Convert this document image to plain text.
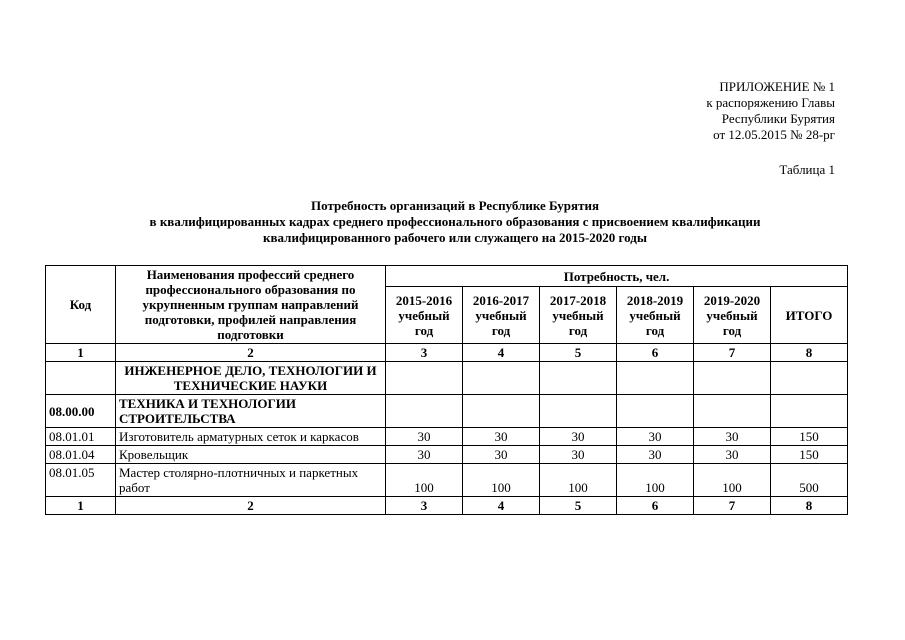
ПРИЛОЖЕНИЕ № 1
к распоряжению Главы
Республики Бурятия
от 12.05.2015 № 28-рг
Таблица 1
Потребность организаций в Республике Бурятия
в квалифицированных кадрах среднего профессионального образования с присвоением квалификации
квалифицированного рабочего или служащего на 2015-2020 годы
Код	Наименования профессий среднего профессионального образования по укрупненным группам направлений подготовки, профилей направления подготовки	Потребность, чел.					
		2015-2016 учебный год	2016-2017 учебный год	2017-2018 учебный год	2018-2019 учебный год	2019-2020 учебный год	ИТОГО
1	2	3	4	5	6	7	8
	ИНЖЕНЕРНОЕ ДЕЛО, ТЕХНОЛОГИИ И ТЕХНИЧЕСКИЕ НАУКИ						
08.00.00	ТЕХНИКА И ТЕХНОЛОГИИ СТРОИТЕЛЬСТВА						
08.01.01	Изготовитель арматурных сеток и каркасов	30	30	30	30	30	150
08.01.04	Кровельщик	30	30	30	30	30	150
08.01.05	Мастер столярно-плотничных и паркетных работ	100	100	100	100	100	500
1	2	3	4	5	6	7	8
